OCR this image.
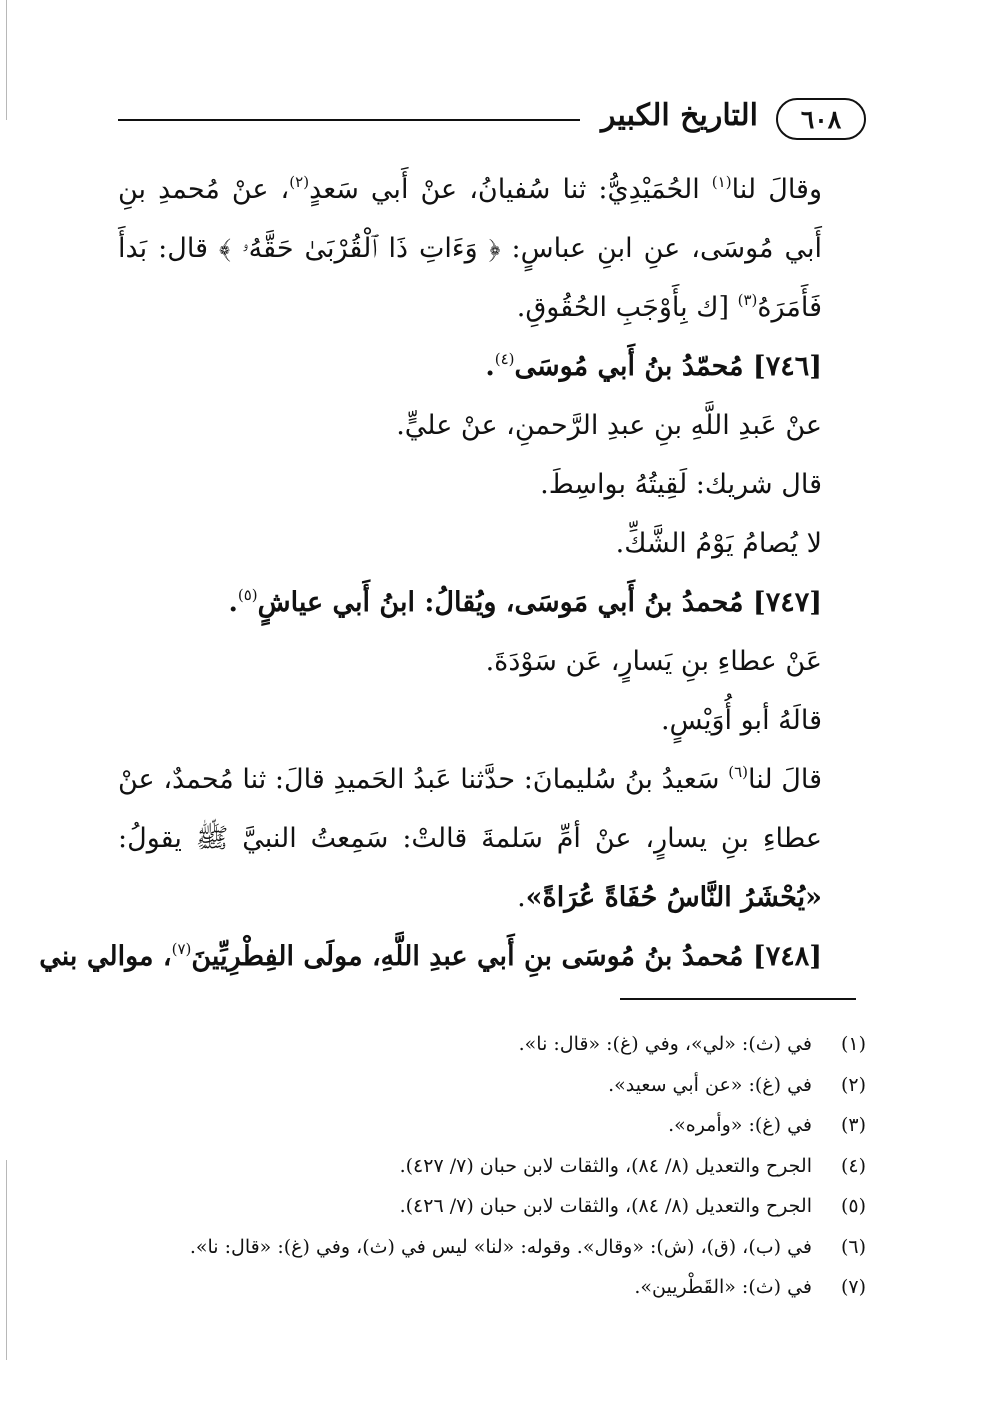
٦٠٨
التاريخ الكبير

وقالَ لنا$^{(١)}$ الحُمَيْدِيُّ: ثنا سُفيانُ، عنْ أَبي سَعدٍ$^{(٢)}$، عنْ مُحمدِ بنِ أَبي مُوسَى، عنِ ابنِ عباسٍ: ﴿ وَءَاتِ ذَا ٱلْقُرْبَىٰ حَقَّهُۥ ﴾ قال: بَدأَ فَأَمَرَهُ$^{(٣)}$ [ك بِأَوْجَبِ الحُقُوقِ.

[٧٤٦] مُحمّدُ بنُ أَبي مُوسَى$^{(٤)}$.

عنْ عَبدِ اللَّهِ بنِ عبدِ الرَّحمنِ، عنْ عليٍّ.

قال شريك: لَقِيتُهُ بواسِطَ.

لا يُصامُ يَوْمُ الشَّكِّ.

[٧٤٧] مُحمدُ بنُ أَبي مَوسَى، ويُقالُ: ابنُ أَبي عياشٍ$^{(٥)}$.

عَنْ عطاءِ بنِ يَسارٍ، عَن سَوْدَةَ.

قالَهُ أبو أُوَيْسٍ.

قالَ لنا$^{(٦)}$ سَعيدُ بنُ سُليمانَ: حدَّثنا عَبدُ الحَميدِ قالَ: ثنا مُحمدٌ، عنْ عطاءِ بنِ يسارٍ، عنْ أمِّ سَلمةَ قالتْ: سَمِعتُ النبيَّ ﷺ يقولُ: «يُحْشَرُ النَّاسُ حُفَاةً عُرَاةً».

[٧٤٨] مُحمدُ بنُ مُوسَى بنِ أَبي عبدِ اللَّهِ، مولَى الفِطْرِيِّينَ$^{(٧)}$، موالي بني

(١)
في (ث): «لي»، وفي (غ): «قال: نا».
(٢)
في (غ): «عن أبي سعيد».
(٣)
في (غ): «وأمره».
(٤)
الجرح والتعديل (٨/ ٨٤)، والثقات لابن حبان (٧/ ٤٢٧).
(٥)
الجرح والتعديل (٨/ ٨٤)، والثقات لابن حبان (٧/ ٤٢٦).
(٦)
في (ب)، (ق)، (ش): «وقال». وقوله: «لنا» ليس في (ث)، وفي (غ): «قال: نا».
(٧)
في (ث): «القَطْريين».
